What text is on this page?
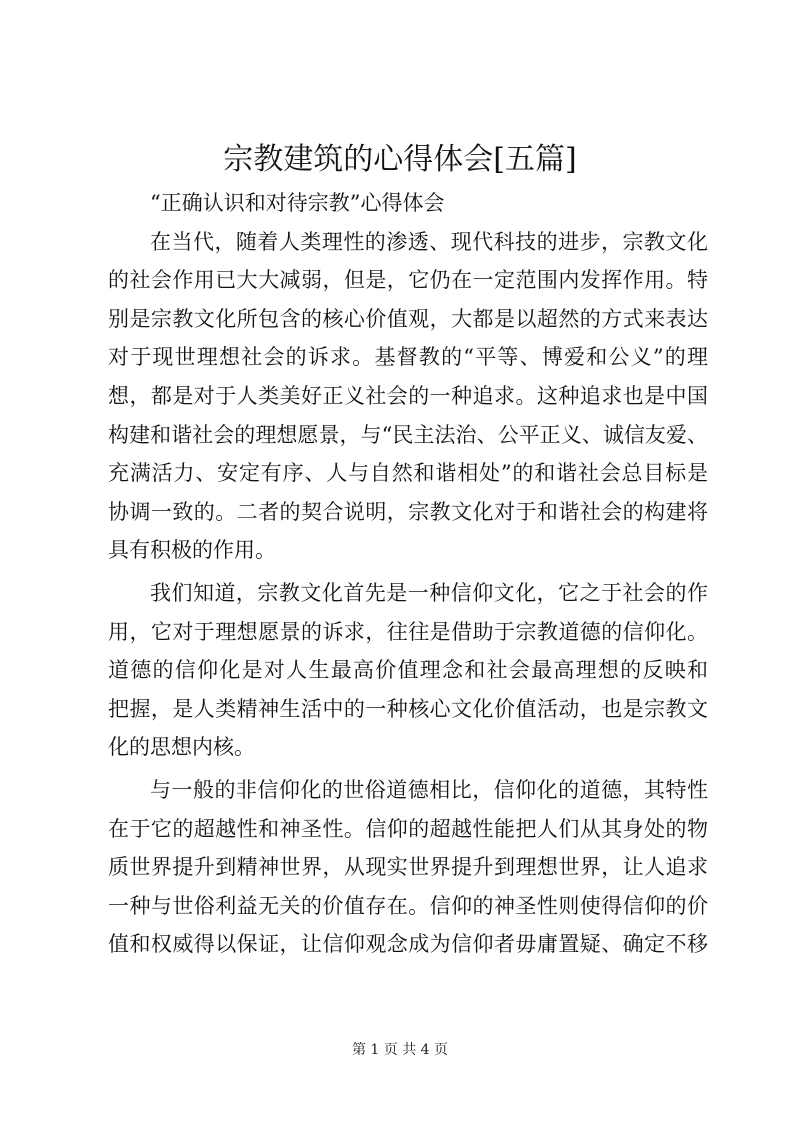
宗教建筑的心得体会[五篇]
“正确认识和对待宗教”心得体会
在当代，随着人类理性的渗透、现代科技的进步，宗教文化
的社会作用已大大减弱，但是，它仍在一定范围内发挥作用。特
别是宗教文化所包含的核心价值观，大都是以超然的方式来表达
对于现世理想社会的诉求。基督教的“平等、博爱和公义”的理
想，都是对于人类美好正义社会的一种追求。这种追求也是中国
构建和谐社会的理想愿景，与“民主法治、公平正义、诚信友爱、
充满活力、安定有序、人与自然和谐相处”的和谐社会总目标是
协调一致的。二者的契合说明，宗教文化对于和谐社会的构建将
具有积极的作用。
我们知道，宗教文化首先是一种信仰文化，它之于社会的作
用，它对于理想愿景的诉求，往往是借助于宗教道德的信仰化。
道德的信仰化是对人生最高价值理念和社会最高理想的反映和
把握，是人类精神生活中的一种核心文化价值活动，也是宗教文
化的思想内核。
与一般的非信仰化的世俗道德相比，信仰化的道德，其特性
在于它的超越性和神圣性。信仰的超越性能把人们从其身处的物
质世界提升到精神世界，从现实世界提升到理想世界，让人追求
一种与世俗利益无关的价值存在。信仰的神圣性则使得信仰的价
值和权威得以保证，让信仰观念成为信仰者毋庸置疑、确定不移
第 1 页 共 4 页
